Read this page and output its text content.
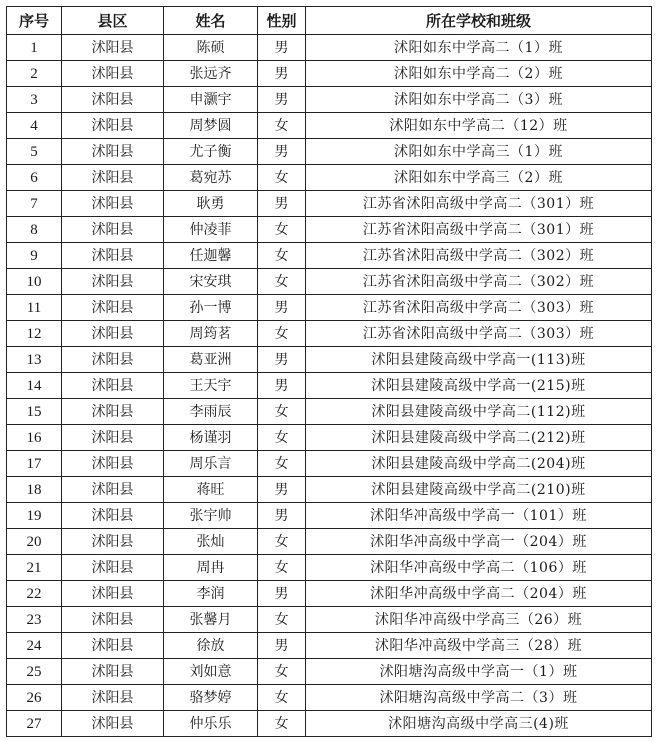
序号	县区	姓名	性别	所在学校和班级
1	沭阳县	陈硕	男	沭阳如东中学高二（1）班
2	沭阳县	张远齐	男	沭阳如东中学高二（2）班
3	沭阳县	申灏宇	男	沭阳如东中学高二（3）班
4	沭阳县	周梦圆	女	沭阳如东中学高二（12）班
5	沭阳县	尤子衡	男	沭阳如东中学高三（1）班
6	沭阳县	葛宛苏	女	沭阳如东中学高三（2）班
7	沭阳县	耿勇	男	江苏省沭阳高级中学高二（301）班
8	沭阳县	仲凌菲	女	江苏省沭阳高级中学高二（301）班
9	沭阳县	任迦馨	女	江苏省沭阳高级中学高二（302）班
10	沭阳县	宋安琪	女	江苏省沭阳高级中学高二（302）班
11	沭阳县	孙一博	男	江苏省沭阳高级中学高二（303）班
12	沭阳县	周筠茗	女	江苏省沭阳高级中学高二（303）班
13	沭阳县	葛亚洲	男	沭阳县建陵高级中学高一(113)班
14	沭阳县	王天宇	男	沭阳县建陵高级中学高一(215)班
15	沭阳县	李雨辰	女	沭阳县建陵高级中学高二(112)班
16	沭阳县	杨谨羽	女	沭阳县建陵高级中学高二(212)班
17	沭阳县	周乐言	女	沭阳县建陵高级中学高二(204)班
18	沭阳县	蒋旺	男	沭阳县建陵高级中学高二(210)班
19	沭阳县	张宇帅	男	沭阳华冲高级中学高一（101）班
20	沭阳县	张灿	女	沭阳华冲高级中学高一（204）班
21	沭阳县	周冉	女	沭阳华冲高级中学高二（106）班
22	沭阳县	李润	男	沭阳华冲高级中学高二（204）班
23	沭阳县	张馨月	女	沭阳华冲高级中学高三（26）班
24	沭阳县	徐放	男	沭阳华冲高级中学高三（28）班
25	沭阳县	刘如意	女	沭阳塘沟高级中学高一（1）班
26	沭阳县	骆梦婷	女	沭阳塘沟高级中学高二（3）班
27	沭阳县	仲乐乐	女	沭阳塘沟高级中学高三(4)班
